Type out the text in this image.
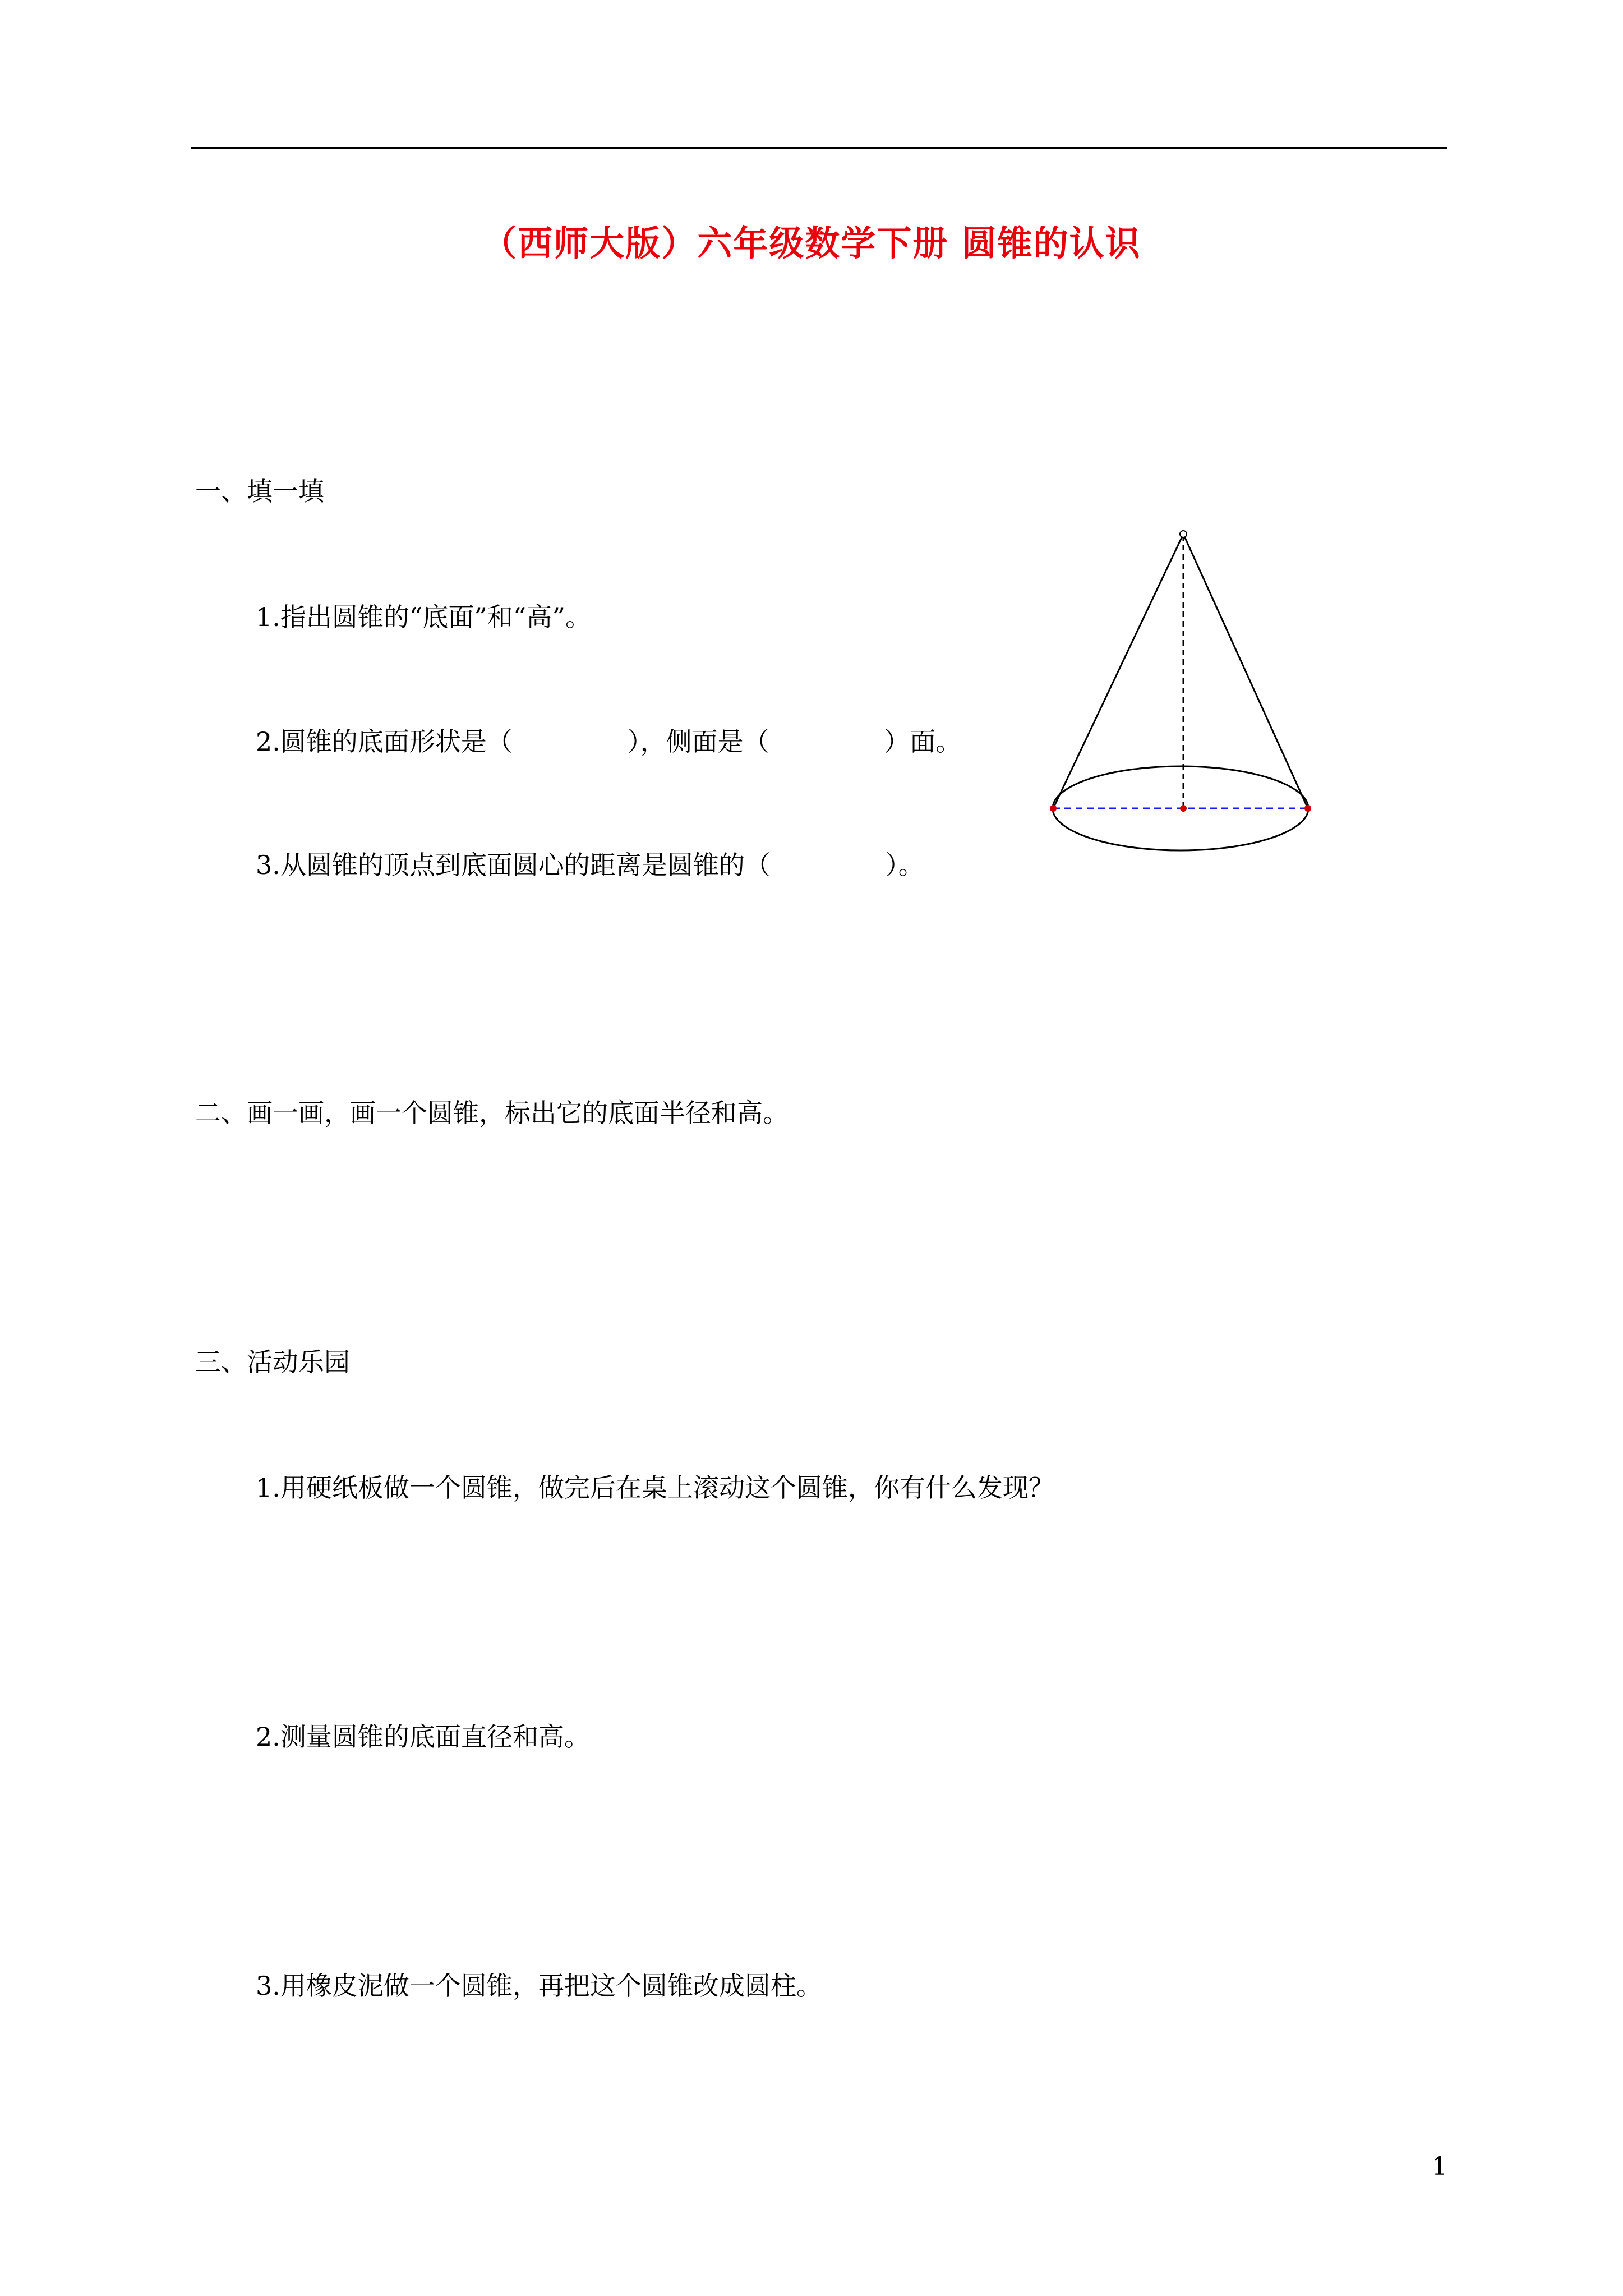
（西师大版）六年级数学下册 圆锥的认识
一、填一填
1.指出圆锥的“底面”和“高”。
2.圆锥的底面形状是（              ），侧面是（              ）面。
3.从圆锥的顶点到底面圆心的距离是圆锥的（              ）。
二、画一画，画一个圆锥，标出它的底面半径和高。
三、活动乐园
1.用硬纸板做一个圆锥，做完后在桌上滚动这个圆锥，你有什么发现？
2.测量圆锥的底面直径和高。
3.用橡皮泥做一个圆锥，再把这个圆锥改成圆柱。
1
